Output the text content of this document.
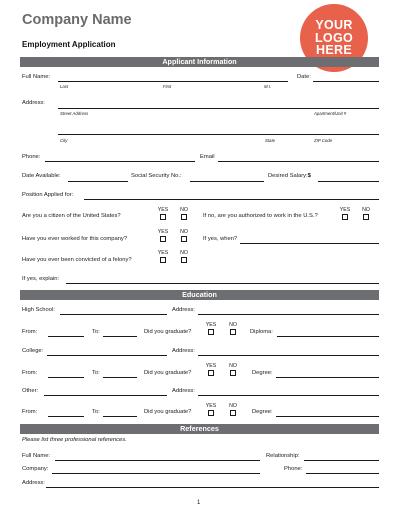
Company Name
Employment Application
YOUR
LOGO
HERE
Applicant Information
Full Name:	Date:
Last	First	M.I.
Address:
Street Address	Apartment/Unit #
City	State	ZIP Code
Phone:	Email
Date Available:	Social Security No.:	Desired Salary:$
Position Applied for:
YES	NO
Are you a citizen of the United States?
YES	NO
If no, are you authorized to work in the U.S.?
YES	NO
Have you ever worked for this company?	If yes, when?
YES	NO
Have you ever been convicted of a felony?
If yes, explain:
Education
High School:	Address:
YES	NO
From:	To:	Did you graduate?	Diploma:
College:	Address:
YES	NO
From:	To:	Did you graduate?	Degree:
Other:	Address:
YES	NO
From:	To:	Did you graduate?	Degree:
References
Please list three professional references.
Full Name:	Relationship:
Company:	Phone:
Address:
1
